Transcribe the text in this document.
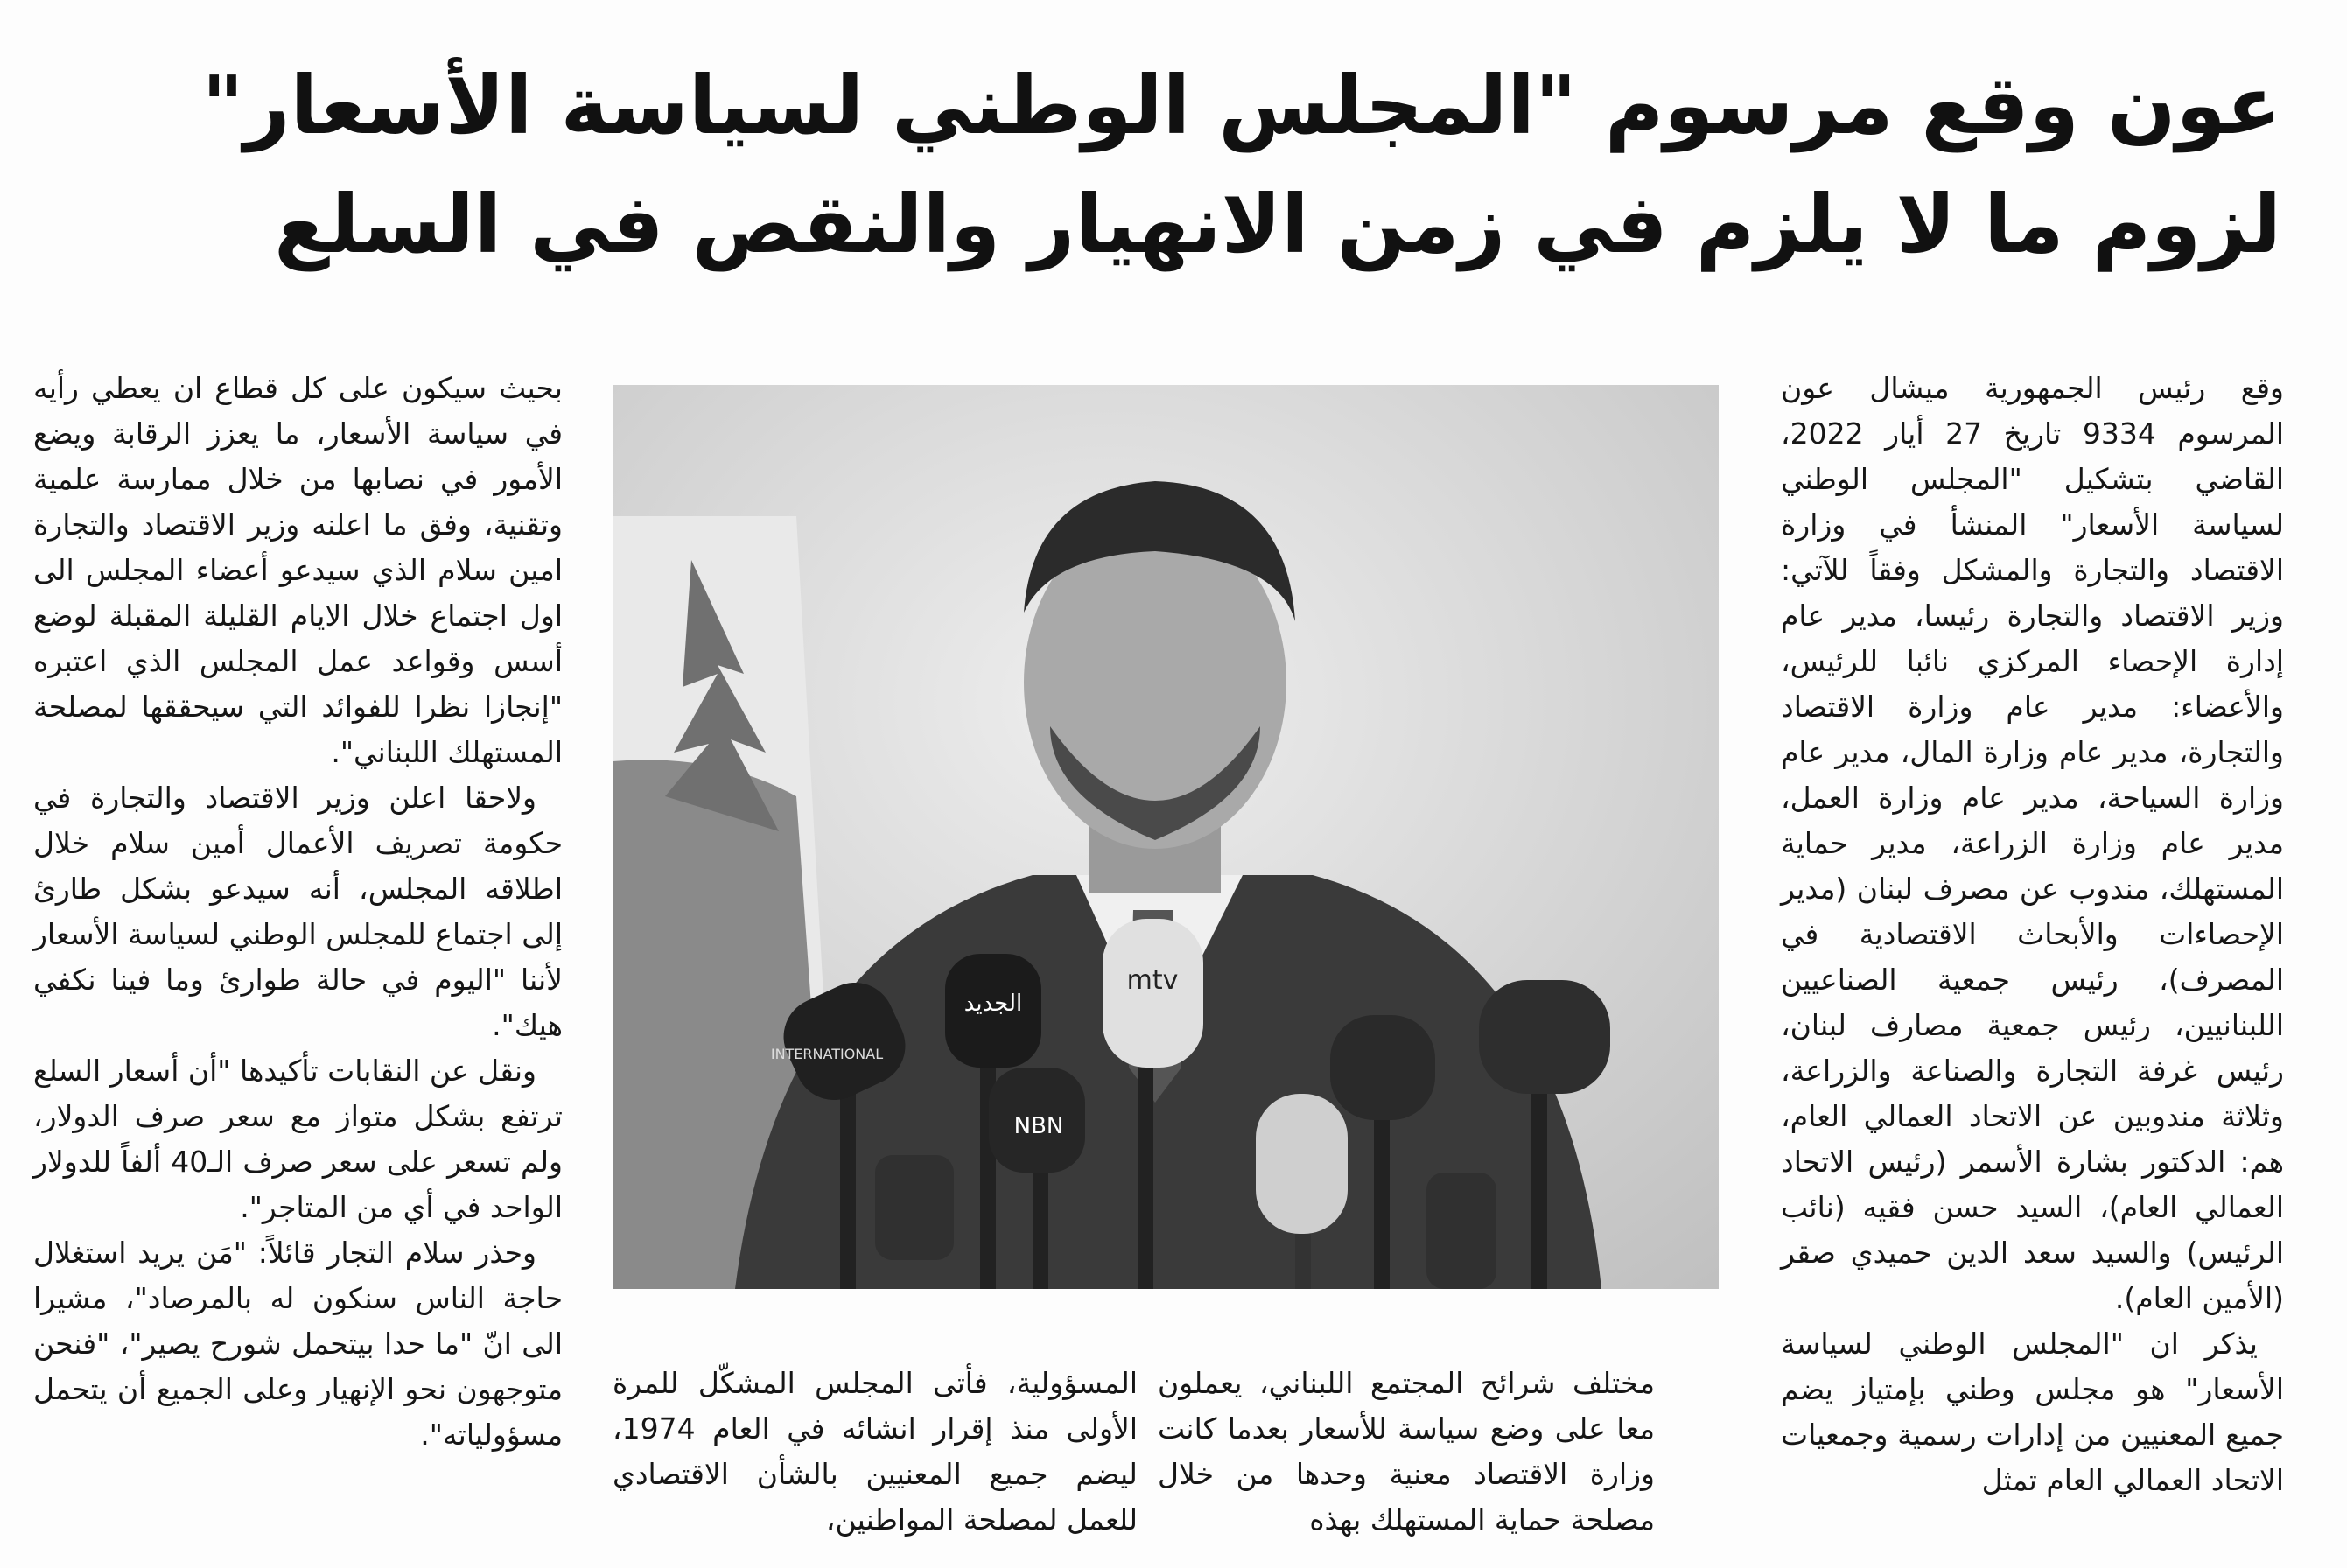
عون وقع مرسوم "المجلس الوطني لسياسة الأسعار"
لزوم ما لا يلزم في زمن الانهيار والنقص في السلع

وقع رئيس الجمهورية ميشال عون المرسوم 9334 تاريخ 27 أيار 2022، القاضي بتشكيل "المجلس الوطني لسياسة الأسعار" المنشأ في وزارة الاقتصاد والتجارة والمشكل وفقاً للآتي: وزير الاقتصاد والتجارة رئيسا، مدير عام إدارة الإحصاء المركزي نائبا للرئيس، والأعضاء: مدير عام وزارة الاقتصاد والتجارة، مدير عام وزارة المال، مدير عام وزارة السياحة، مدير عام وزارة العمل، مدير عام وزارة الزراعة، مدير حماية المستهلك، مندوب عن مصرف لبنان (مدير الإحصاءات والأبحاث الاقتصادية في المصرف)، رئيس جمعية الصناعيين اللبنانيين، رئيس جمعية مصارف لبنان، رئيس غرفة التجارة والصناعة والزراعة، وثلاثة مندوبين عن الاتحاد العمالي العام، هم: الدكتور بشارة الأسمر (رئيس الاتحاد العمالي العام)، السيد حسن فقيه (نائب الرئيس) والسيد سعد الدين حميدي صقر (الأمين العام).

يذكر ان "المجلس الوطني لسياسة الأسعار" هو مجلس وطني بإمتياز يضم جميع المعنيين من إدارات رسمية وجمعيات الاتحاد العمالي العام تمثل

الجديد
mtv
INTERNATIONAL
NBN

مختلف شرائح المجتمع اللبناني، يعملون معا على وضع سياسة للأسعار بعدما كانت وزارة الاقتصاد معنية وحدها من خلال مصلحة حماية المستهلك بهذه

المسؤولية، فأتى المجلس المشكّل للمرة الأولى منذ إقرار انشائه في العام 1974، ليضم جميع المعنيين بالشأن الاقتصادي للعمل لمصلحة المواطنين،

بحيث سيكون على كل قطاع ان يعطي رأيه في سياسة الأسعار، ما يعزز الرقابة ويضع الأمور في نصابها من خلال ممارسة علمية وتقنية، وفق ما اعلنه وزير الاقتصاد والتجارة امين سلام الذي سيدعو أعضاء المجلس الى اول اجتماع خلال الايام القليلة المقبلة لوضع أسس وقواعد عمل المجلس الذي اعتبره "إنجازا نظرا للفوائد التي سيحققها لمصلحة المستهلك اللبناني".

ولاحقا اعلن وزير الاقتصاد والتجارة في حكومة تصريف الأعمال أمين سلام خلال اطلاقه المجلس، أنه سيدعو بشكل طارئ إلى اجتماع للمجلس الوطني لسياسة الأسعار لأننا "اليوم في حالة طوارئ وما فينا نكفي هيك".

ونقل عن النقابات تأكيدها "أن أسعار السلع ترتفع بشكل متواز مع سعر صرف الدولار، ولم تسعر على سعر صرف الـ40 ألفاً للدولار الواحد في أي من المتاجر".

وحذر سلام التجار قائلاً: "مَن يريد استغلال حاجة الناس سنكون له بالمرصاد"، مشيرا الى انّ "ما حدا بيتحمل شورح يصير"، "فنحن متوجهون نحو الإنهيار وعلى الجميع أن يتحمل مسؤولياته".
